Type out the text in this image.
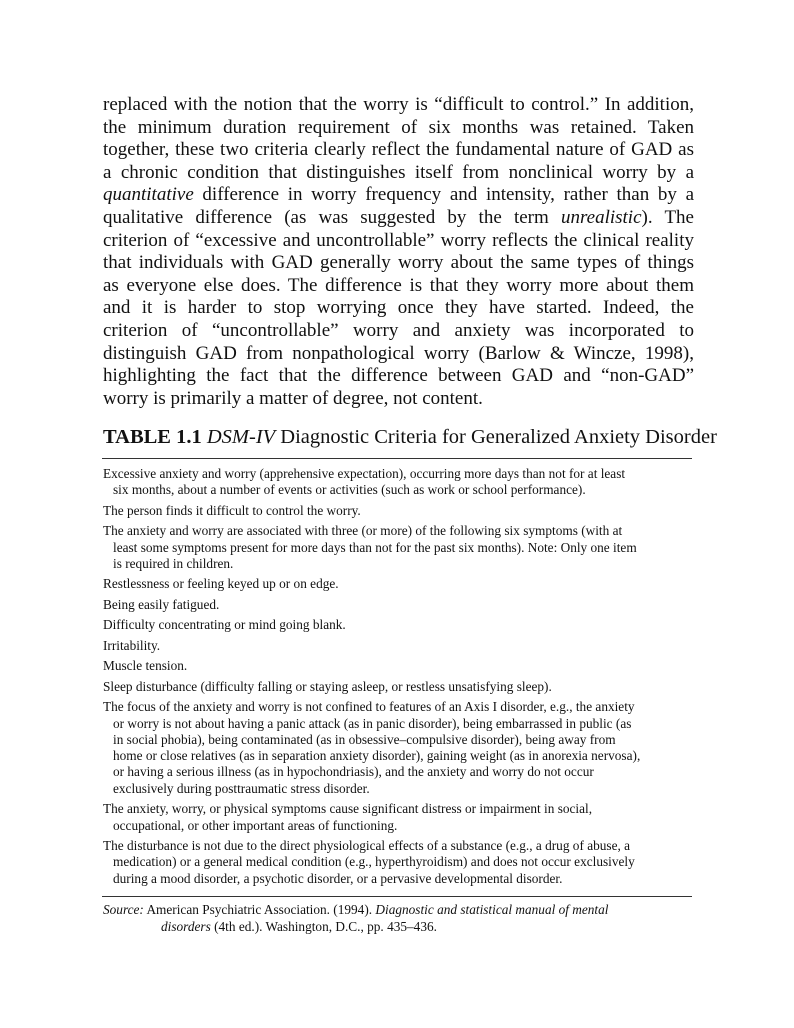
replaced with the notion that the worry is “difficult to control.” In addition,
the minimum duration requirement of six months was retained. Taken
together, these two criteria clearly reflect the fundamental nature of GAD as
a chronic condition that distinguishes itself from nonclinical worry by a
quantitative difference in worry frequency and intensity, rather than by a
qualitative difference (as was suggested by the term unrealistic). The
criterion of “excessive and uncontrollable” worry reflects the clinical reality
that individuals with GAD generally worry about the same types of things
as everyone else does. The difference is that they worry more about them
and it is harder to stop worrying once they have started. Indeed, the
criterion of “uncontrollable” worry and anxiety was incorporated to
distinguish GAD from nonpathological worry (Barlow & Wincze, 1998),
highlighting the fact that the difference between GAD and “non-GAD”
worry is primarily a matter of degree, not content.
TABLE 1.1 DSM-IV Diagnostic Criteria for Generalized Anxiety Disorder
Excessive anxiety and worry (apprehensive expectation), occurring more days than not for at least
six months, about a number of events or activities (such as work or school performance).
The person finds it difficult to control the worry.
The anxiety and worry are associated with three (or more) of the following six symptoms (with at
least some symptoms present for more days than not for the past six months). Note: Only one item
is required in children.
Restlessness or feeling keyed up or on edge.
Being easily fatigued.
Difficulty concentrating or mind going blank.
Irritability.
Muscle tension.
Sleep disturbance (difficulty falling or staying asleep, or restless unsatisfying sleep).
The focus of the anxiety and worry is not confined to features of an Axis I disorder, e.g., the anxiety
or worry is not about having a panic attack (as in panic disorder), being embarrassed in public (as
in social phobia), being contaminated (as in obsessive–compulsive disorder), being away from
home or close relatives (as in separation anxiety disorder), gaining weight (as in anorexia nervosa),
or having a serious illness (as in hypochondriasis), and the anxiety and worry do not occur
exclusively during posttraumatic stress disorder.
The anxiety, worry, or physical symptoms cause significant distress or impairment in social,
occupational, or other important areas of functioning.
The disturbance is not due to the direct physiological effects of a substance (e.g., a drug of abuse, a
medication) or a general medical condition (e.g., hyperthyroidism) and does not occur exclusively
during a mood disorder, a psychotic disorder, or a pervasive developmental disorder.
Source: American Psychiatric Association. (1994). Diagnostic and statistical manual of mental
disorders (4th ed.). Washington, D.C., pp. 435–436.
